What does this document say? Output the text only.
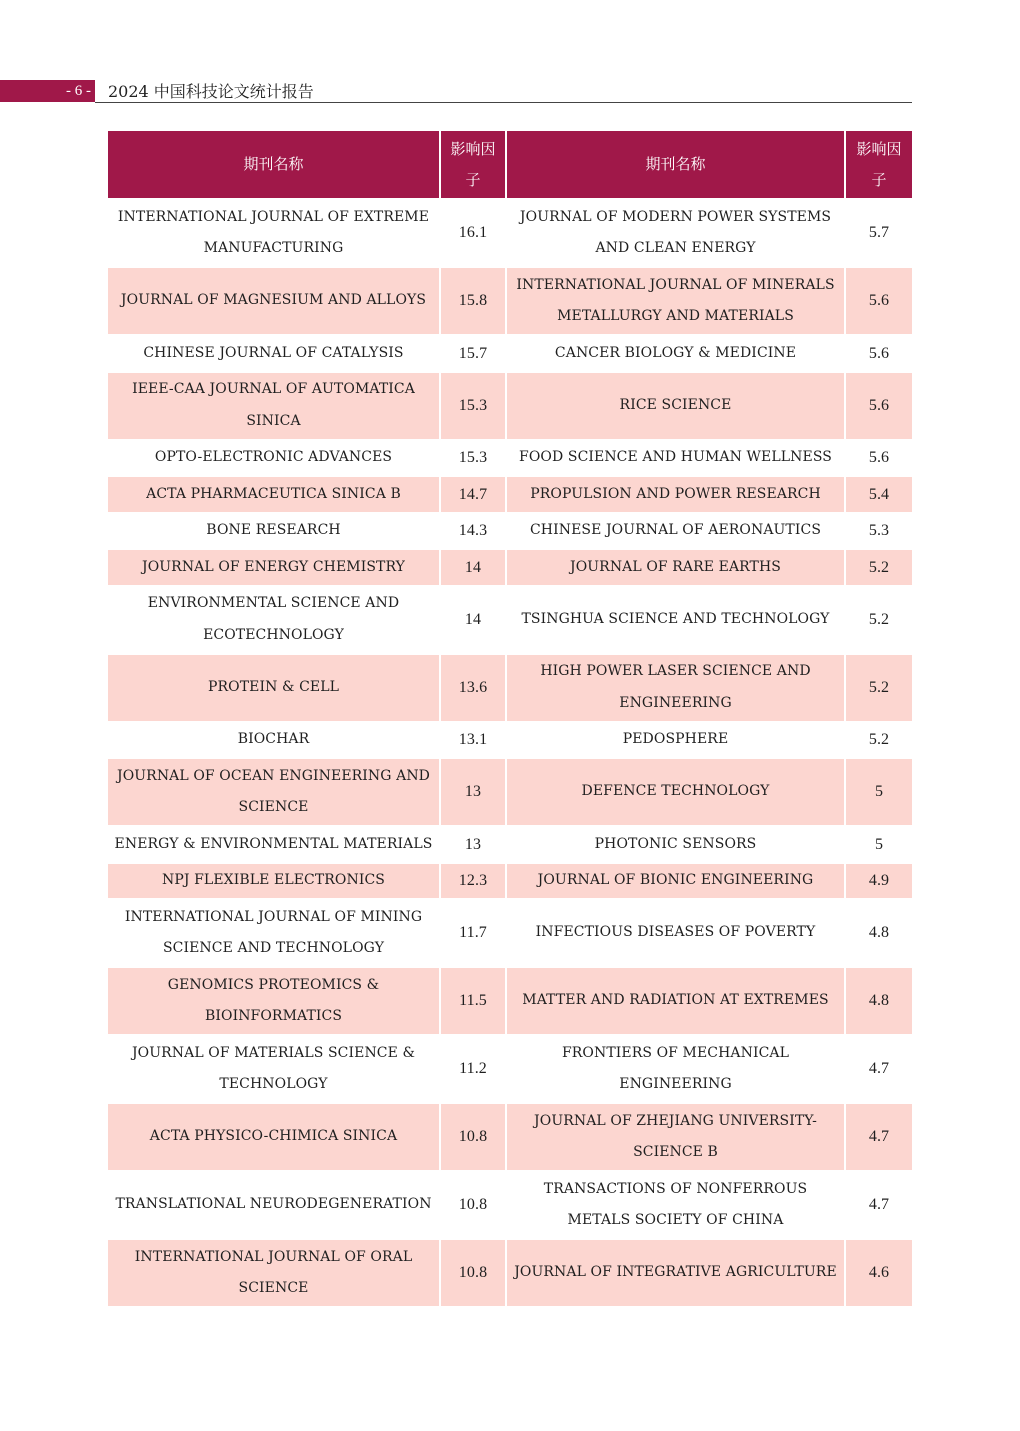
- 6 - 2024 中国科技论文统计报告
期刊名称	影响因子	期刊名称	影响因子
INTERNATIONAL JOURNAL OF EXTREME MANUFACTURING	16.1	JOURNAL OF MODERN POWER SYSTEMS AND CLEAN ENERGY	5.7
JOURNAL OF MAGNESIUM AND ALLOYS	15.8	INTERNATIONAL JOURNAL OF MINERALS METALLURGY AND MATERIALS	5.6
CHINESE JOURNAL OF CATALYSIS	15.7	CANCER BIOLOGY & MEDICINE	5.6
IEEE-CAA JOURNAL OF AUTOMATICA SINICA	15.3	RICE SCIENCE	5.6
OPTO-ELECTRONIC ADVANCES	15.3	FOOD SCIENCE AND HUMAN WELLNESS	5.6
ACTA PHARMACEUTICA SINICA B	14.7	PROPULSION AND POWER RESEARCH	5.4
BONE RESEARCH	14.3	CHINESE JOURNAL OF AERONAUTICS	5.3
JOURNAL OF ENERGY CHEMISTRY	14	JOURNAL OF RARE EARTHS	5.2
ENVIRONMENTAL SCIENCE AND ECOTECHNOLOGY	14	TSINGHUA SCIENCE AND TECHNOLOGY	5.2
PROTEIN & CELL	13.6	HIGH POWER LASER SCIENCE AND ENGINEERING	5.2
BIOCHAR	13.1	PEDOSPHERE	5.2
JOURNAL OF OCEAN ENGINEERING AND SCIENCE	13	DEFENCE TECHNOLOGY	5
ENERGY & ENVIRONMENTAL MATERIALS	13	PHOTONIC SENSORS	5
NPJ FLEXIBLE ELECTRONICS	12.3	JOURNAL OF BIONIC ENGINEERING	4.9
INTERNATIONAL JOURNAL OF MINING SCIENCE AND TECHNOLOGY	11.7	INFECTIOUS DISEASES OF POVERTY	4.8
GENOMICS PROTEOMICS & BIOINFORMATICS	11.5	MATTER AND RADIATION AT EXTREMES	4.8
JOURNAL OF MATERIALS SCIENCE & TECHNOLOGY	11.2	FRONTIERS OF MECHANICAL ENGINEERING	4.7
ACTA PHYSICO-CHIMICA SINICA	10.8	JOURNAL OF ZHEJIANG UNIVERSITY-SCIENCE B	4.7
TRANSLATIONAL NEURODEGENERATION	10.8	TRANSACTIONS OF NONFERROUS METALS SOCIETY OF CHINA	4.7
INTERNATIONAL JOURNAL OF ORAL SCIENCE	10.8	JOURNAL OF INTEGRATIVE AGRICULTURE	4.6
